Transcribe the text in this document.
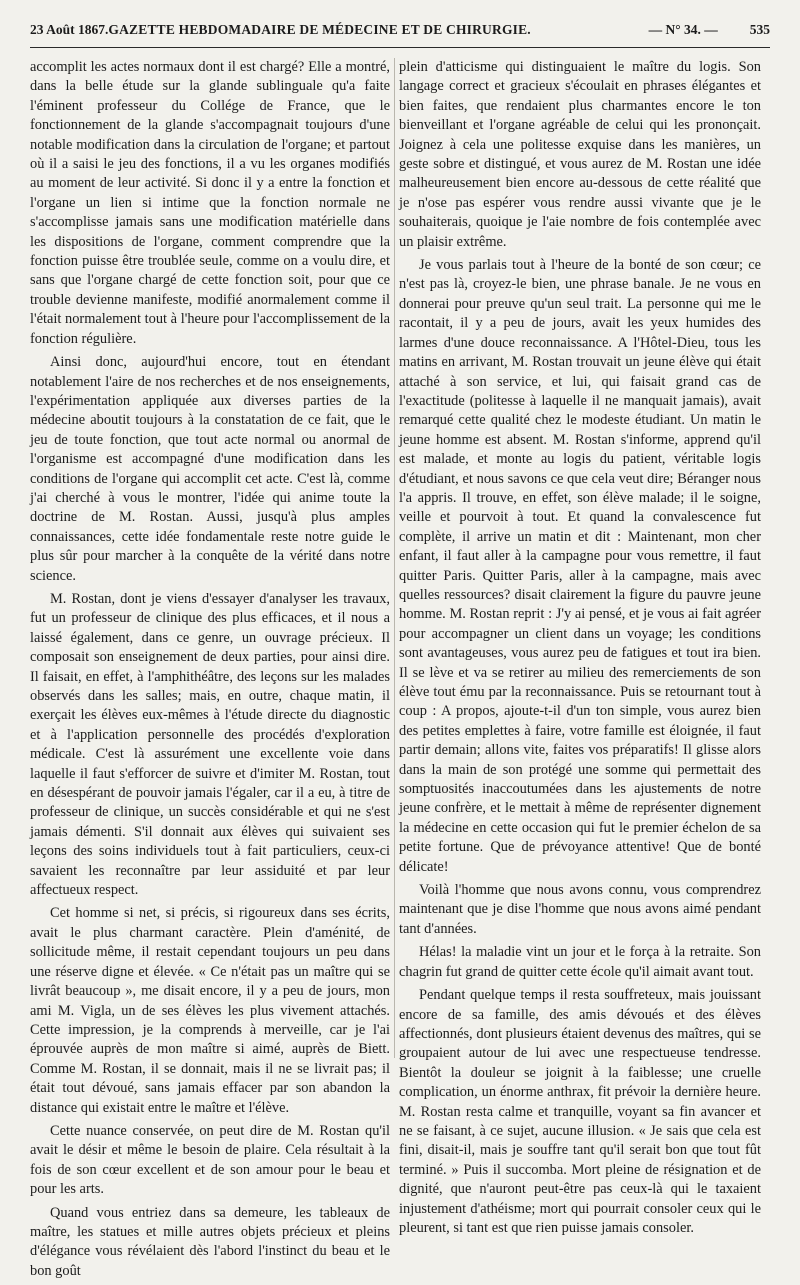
23 Août 1867. GAZETTE HEBDOMADAIRE DE MÉDECINE ET DE CHIRURGIE.	— N° 34. — 535

accomplit les actes normaux dont il est chargé? Elle a montré, dans la belle étude sur la glande sublinguale qu'a faite l'éminent professeur du Collége de France, que le fonctionnement de la glande s'accompagnait toujours d'une notable modification dans la circulation de l'organe; et partout où il a saisi le jeu des fonctions, il a vu les organes modifiés au moment de leur activité. Si donc il y a entre la fonction et l'organe un lien si intime que la fonction normale ne s'accomplisse jamais sans une modification matérielle dans les dispositions de l'organe, comment comprendre que la fonction puisse être troublée seule, comme on a voulu dire, et sans que l'organe chargé de cette fonction soit, pour que ce trouble devienne manifeste, modifié anormalement comme il l'était normalement tout à l'heure pour l'accomplissement de la fonction régulière.

Ainsi donc, aujourd'hui encore, tout en étendant notablement l'aire de nos recherches et de nos enseignements, l'expérimentation appliquée aux diverses parties de la médecine aboutit toujours à la constatation de ce fait, que le jeu de toute fonction, que tout acte normal ou anormal de l'organisme est accompagné d'une modification dans les conditions de l'organe qui accomplit cet acte. C'est là, comme j'ai cherché à vous le montrer, l'idée qui anime toute la doctrine de M. Rostan. Aussi, jusqu'à plus amples connaissances, cette idée fondamentale reste notre guide le plus sûr pour marcher à la conquête de la vérité dans notre science.

M. Rostan, dont je viens d'essayer d'analyser les travaux, fut un professeur de clinique des plus efficaces, et il nous a laissé également, dans ce genre, un ouvrage précieux. Il composait son enseignement de deux parties, pour ainsi dire. Il faisait, en effet, à l'amphithéâtre, des leçons sur les malades observés dans les salles; mais, en outre, chaque matin, il exerçait les élèves eux-mêmes à l'étude directe du diagnostic et à l'application personnelle des procédés d'exploration médicale. C'est là assurément une excellente voie dans laquelle il faut s'efforcer de suivre et d'imiter M. Rostan, tout en désespérant de pouvoir jamais l'égaler, car il a eu, à titre de professeur de clinique, un succès considérable et qui ne s'est jamais démenti. S'il donnait aux élèves qui suivaient ses leçons des soins individuels tout à fait particuliers, ceux-ci savaient les reconnaître par leur assiduité et par leur affectueux respect.

Cet homme si net, si précis, si rigoureux dans ses écrits, avait le plus charmant caractère. Plein d'aménité, de sollicitude même, il restait cependant toujours un peu dans une réserve digne et élevée. « Ce n'était pas un maître qui se livrât beaucoup », me disait encore, il y a peu de jours, mon ami M. Vigla, un de ses élèves les plus vivement attachés. Cette impression, je la comprends à merveille, car je l'ai éprouvée auprès de mon maître si aimé, auprès de Biett. Comme M. Rostan, il se donnait, mais il ne se livrait pas; il était tout dévoué, sans jamais effacer par son abandon la distance qui existait entre le maître et l'élève.

Cette nuance conservée, on peut dire de M. Rostan qu'il avait le désir et même le besoin de plaire. Cela résultait à la fois de son cœur excellent et de son amour pour le beau et pour les arts.

Quand vous entriez dans sa demeure, les tableaux de maître, les statues et mille autres objets précieux et pleins d'élégance vous révélaient dès l'abord l'instinct du beau et le bon goût

plein d'atticisme qui distinguaient le maître du logis. Son langage correct et gracieux s'écoulait en phrases élégantes et bien faites, que rendaient plus charmantes encore le ton bienveillant et l'organe agréable de celui qui les prononçait. Joignez à cela une politesse exquise dans les manières, un geste sobre et distingué, et vous aurez de M. Rostan une idée malheureusement bien encore au-dessous de cette réalité que je n'ose pas espérer vous rendre aussi vivante que je le souhaiterais, quoique je l'aie nombre de fois contemplée avec un plaisir extrême.

Je vous parlais tout à l'heure de la bonté de son cœur; ce n'est pas là, croyez-le bien, une phrase banale. Je ne vous en donnerai pour preuve qu'un seul trait. La personne qui me le racontait, il y a peu de jours, avait les yeux humides des larmes d'une douce reconnaissance. A l'Hôtel-Dieu, tous les matins en arrivant, M. Rostan trouvait un jeune élève qui était attaché à son service, et lui, qui faisait grand cas de l'exactitude (politesse à laquelle il ne manquait jamais), avait remarqué cette qualité chez le modeste étudiant. Un matin le jeune homme est absent. M. Rostan s'informe, apprend qu'il est malade, et monte au logis du patient, véritable logis d'étudiant, et nous savons ce que cela veut dire; Béranger nous l'a appris. Il trouve, en effet, son élève malade; il le soigne, veille et pourvoit à tout. Et quand la convalescence fut complète, il arrive un matin et dit : Maintenant, mon cher enfant, il faut aller à la campagne pour vous remettre, il faut quitter Paris. Quitter Paris, aller à la campagne, mais avec quelles ressources? disait clairement la figure du pauvre jeune homme. M. Rostan reprit : J'y ai pensé, et je vous ai fait agréer pour accompagner un client dans un voyage; les conditions sont avantageuses, vous aurez peu de fatigues et tout ira bien. Il se lève et va se retirer au milieu des remerciements de son élève tout ému par la reconnaissance. Puis se retournant tout à coup : A propos, ajoute-t-il d'un ton simple, vous aurez bien des petites emplettes à faire, votre famille est éloignée, il faut partir demain; allons vite, faites vos préparatifs! Il glisse alors dans la main de son protégé une somme qui permettait des somptuosités inaccoutumées dans les ajustements de notre jeune confrère, et le mettait à même de représenter dignement la médecine en cette occasion qui fut le premier échelon de sa petite fortune. Que de prévoyance attentive! Que de bonté délicate!

Voilà l'homme que nous avons connu, vous comprendrez maintenant que je dise l'homme que nous avons aimé pendant tant d'années.

Hélas! la maladie vint un jour et le força à la retraite. Son chagrin fut grand de quitter cette école qu'il aimait avant tout.

Pendant quelque temps il resta souffreteux, mais jouissant encore de sa famille, des amis dévoués et des élèves affectionnés, dont plusieurs étaient devenus des maîtres, qui se groupaient autour de lui avec une respectueuse tendresse. Bientôt la douleur se joignit à la faiblesse; une cruelle complication, un énorme anthrax, fit prévoir la dernière heure. M. Rostan resta calme et tranquille, voyant sa fin avancer et ne se faisant, à ce sujet, aucune illusion. « Je sais que cela est fini, disait-il, mais je souffre tant qu'il serait bon que tout fût terminé. » Puis il succomba. Mort pleine de résignation et de dignité, que n'auront peut-être pas ceux-là qui le taxaient injustement d'athéisme; mort qui pourrait consoler ceux qui le pleurent, si tant est que rien puisse jamais consoler.
